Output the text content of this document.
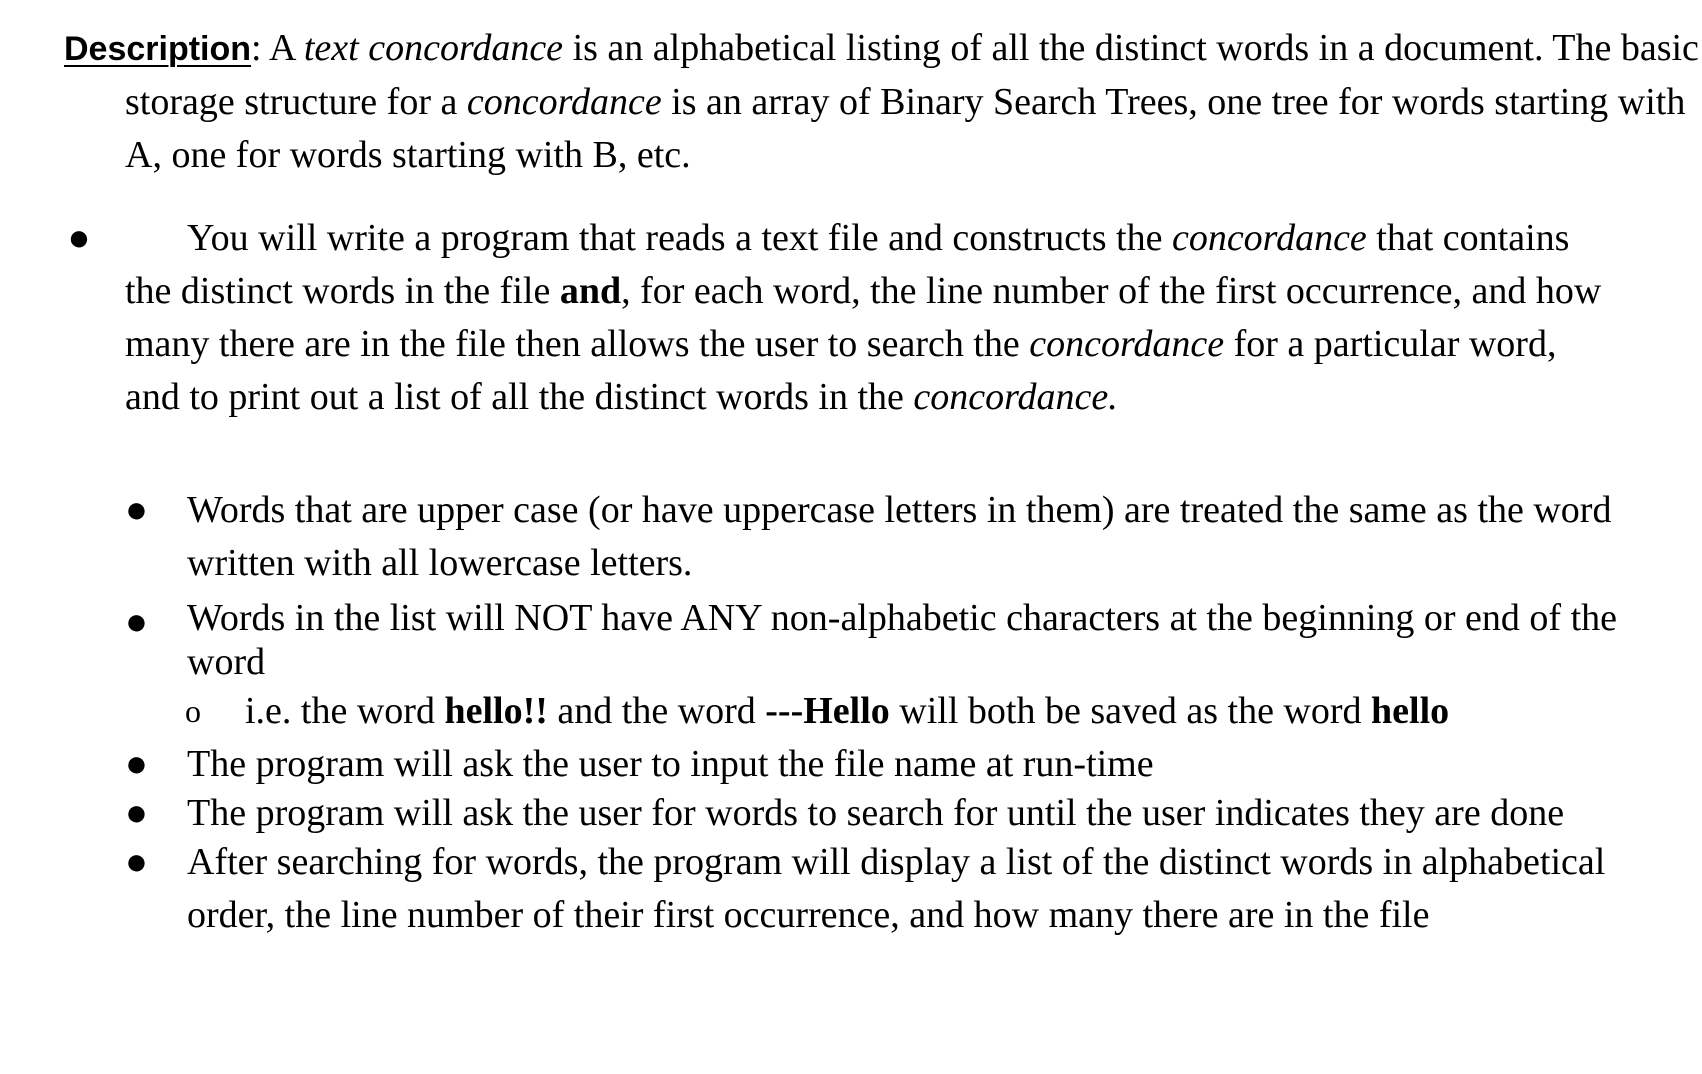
Description: A text concordance is an alphabetical listing of all the distinct words in a document. The basic storage structure for a concordance is an array of Binary Search Trees, one tree for words starting with A, one for words starting with B, etc.

●	You will write a program that reads a text file and constructs the concordance that contains the distinct words in the file and, for each word, the line number of the first occurrence, and how many there are in the file then allows the user to search the concordance for a particular word, and to print out a list of all the distinct words in the concordance.

● Words that are upper case (or have uppercase letters in them) are treated the same as the word written with all lowercase letters.
● Words in the list will NOT have ANY non-alphabetic characters at the beginning or end of the word
o i.e. the word hello!! and the word ---Hello will both be saved as the word hello
● The program will ask the user to input the file name at run-time
● The program will ask the user for words to search for until the user indicates they are done
● After searching for words, the program will display a list of the distinct words in alphabetical order, the line number of their first occurrence, and how many there are in the file
